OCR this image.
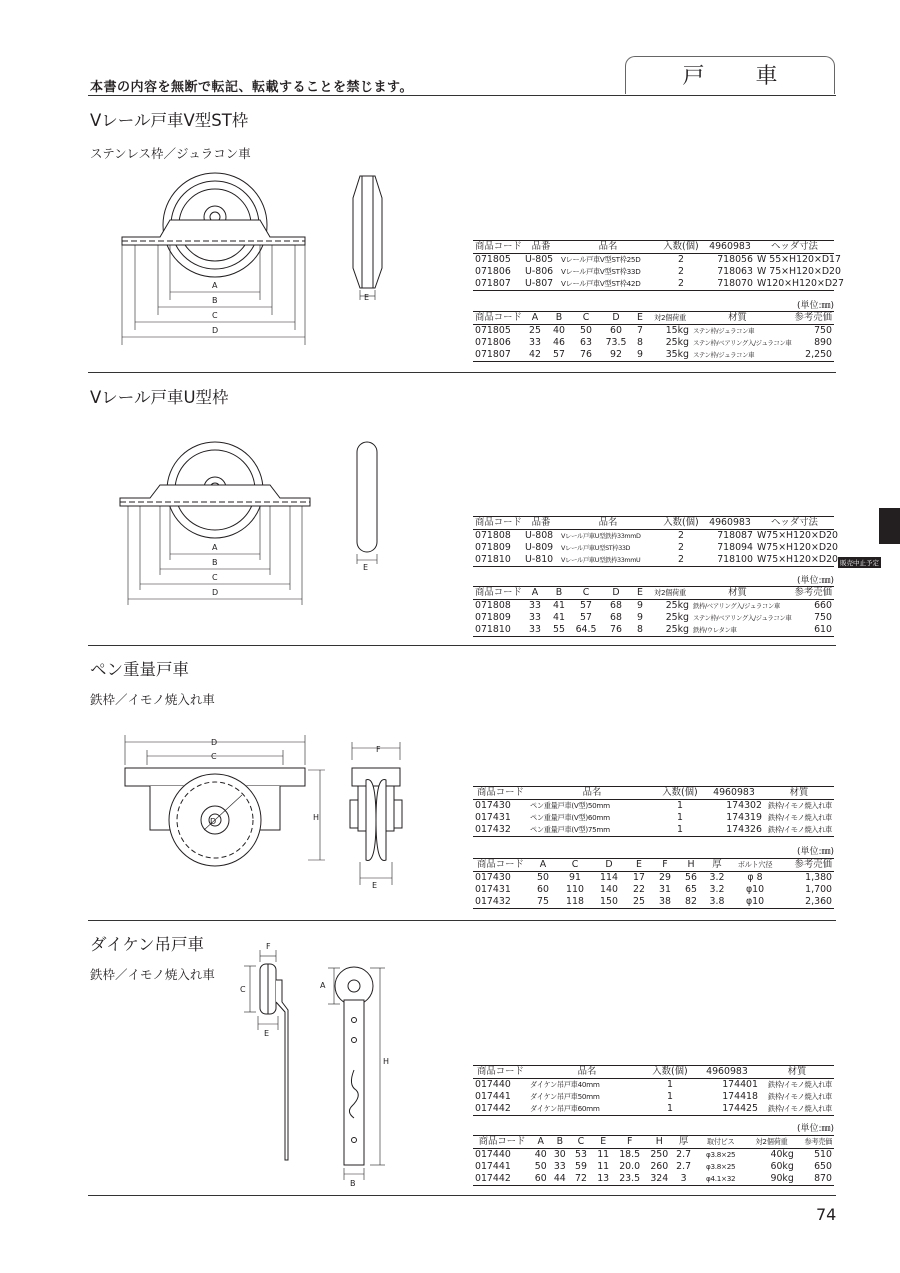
本書の内容を無断で転記、転載することを禁じます。	戸 車
販売中止予定
Vレール戸車V型ST枠
ステンレス枠／ジュラコン車
A
B
C
D
E
商品コード	品番	品名	入数(個)	4960983	ヘッダ寸法
071805	U-805	Vレール戸車V型ST枠25D	2	718056	W 55×H120×D17
071806	U-806	Vレール戸車V型ST枠33D	2	718063	W 75×H120×D20
071807	U-807	Vレール戸車V型ST枠42D	2	718070	W120×H120×D27
(単位:㎜)
商品コード	A	B	C	D	E	対2個荷重	材質	参考売価
071805	25	40	50	60	7	15kg	ステン枠/ジュラコン車	750
071806	33	46	63	73.5	8	25kg	ステン枠/ベアリング入/ジュラコン車	890
071807	42	57	76	92	9	35kg	ステン枠/ジュラコン車	2,250
Vレール戸車U型枠
A
B
C
D
E
商品コード	品番	品名	入数(個)	4960983	ヘッダ寸法
071808	U-808	Vレール戸車U型鉄枠33mmD	2	718087	W75×H120×D20
071809	U-809	Vレール戸車U型ST枠33D	2	718094	W75×H120×D20
071810	U-810	Vレール戸車U型鉄枠33mmU	2	718100	W75×H120×D20
(単位:㎜)
商品コード	A	B	C	D	E	対2個荷重	材質	参考売価
071808	33	41	57	68	9	25kg	鉄枠/ベアリング入/ジュラコン車	660
071809	33	41	57	68	9	25kg	ステン枠/ベアリング入/ジュラコン車	750
071810	33	55	64.5	76	8	25kg	鉄枠/ウレタン車	610
ペン重量戸車
鉄枠／イモノ焼入れ車
D
C
H
D
F
E
商品コード	品名	入数(個)	4960983	材質
017430	ペン重量戸車(V型)50mm	1	174302	鉄枠/イモノ焼入れ車
017431	ペン重量戸車(V型)60mm	1	174319	鉄枠/イモノ焼入れ車
017432	ペン重量戸車(V型)75mm	1	174326	鉄枠/イモノ焼入れ車
(単位:㎜)
商品コード	A	C	D	E	F	H	厚	ボルト穴径	参考売価
017430	50	91	114	17	29	56	3.2	φ 8	1,380
017431	60	110	140	22	31	65	3.2	φ10	1,700
017432	75	118	150	25	38	82	3.8	φ10	2,360
ダイケン吊戸車
鉄枠／イモノ焼入れ車
F
C
E
A
H
B
商品コード	品名	入数(個)	4960983	材質
017440	ダイケン吊戸車40mm	1	174401	鉄枠/イモノ焼入れ車
017441	ダイケン吊戸車50mm	1	174418	鉄枠/イモノ焼入れ車
017442	ダイケン吊戸車60mm	1	174425	鉄枠/イモノ焼入れ車
(単位:㎜)
商品コード	A	B	C	E	F	H	厚	取付ビス	対2個荷重	参考売価
017440	40	30	53	11	18.5	250	2.7	φ3.8×25	40kg	510
017441	50	33	59	11	20.0	260	2.7	φ3.8×25	60kg	650
017442	60	44	72	13	23.5	324	3	φ4.1×32	90kg	870
74
